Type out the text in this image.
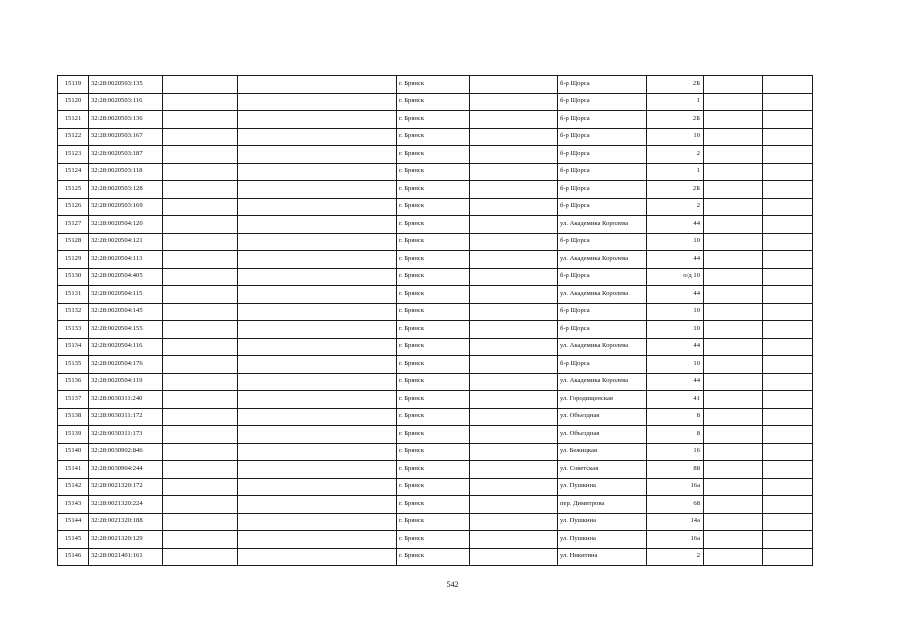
15119	32:28:0020503:135			г. Брянск		б-р Щорса	2Б		
15120	32:28:0020503:116			г. Брянск		б-р Щорса	1		
15121	32:28:0020503:136			г. Брянск		б-р Щорса	2Б		
15122	32:28:0020503:167			г. Брянск		б-р Щорса	10		
15123	32:28:0020503:187			г. Брянск		б-р Щорса	2		
15124	32:28:0020503:118			г. Брянск		б-р Щорса	1		
15125	32:28:0020503:128			г. Брянск		б-р Щорса	2Б		
15126	32:28:0020503:169			г. Брянск		б-р Щорса	2		
15127	32:28:0020504:120			г. Брянск		ул. Академика Королева	44		
15128	32:28:0020504:121			г. Брянск		б-р Щорса	10		
15129	32:28:0020504:113			г. Брянск		ул. Академика Королева	44		
15130	32:28:0020504:405			г. Брянск		б-р Щорса	о/д 10		
15131	32:28:0020504:115			г. Брянск		ул. Академика Королева	44		
15132	32:28:0020504:145			г. Брянск		б-р Щорса	10		
15133	32:28:0020504:155			г. Брянск		б-р Щорса	10		
15134	32:28:0020504:116			г. Брянск		ул. Академика Королева	44		
15135	32:28:0020504:176			г. Брянск		б-р Щорса	10		
15136	32:28:0020504:119			г. Брянск		ул. Академика Королева	44		
15137	32:28:0030311:240			г. Брянск		ул. Городищенская	41		
15138	32:28:0030311:172			г. Брянск		ул. Объездная	8		
15139	32:28:0030311:173			г. Брянск		ул. Объездная	8		
15140	32:28:0030902:846			г. Брянск		ул. Бежицкая	16		
15141	32:28:0030904:244			г. Брянск		ул. Советская	88		
15142	32:28:0021320:172			г. Брянск		ул. Пушкина	16а		
15143	32:28:0021320:224			г. Брянск		пер. Димитрова	68		
15144	32:28:0021320:188			г. Брянск		ул. Пушкина	14а		
15145	32:28:0021320:129			г. Брянск		ул. Пушкина	16а		
15146	32:28:0021401:161			г. Брянск		ул. Никитина	2		
542
